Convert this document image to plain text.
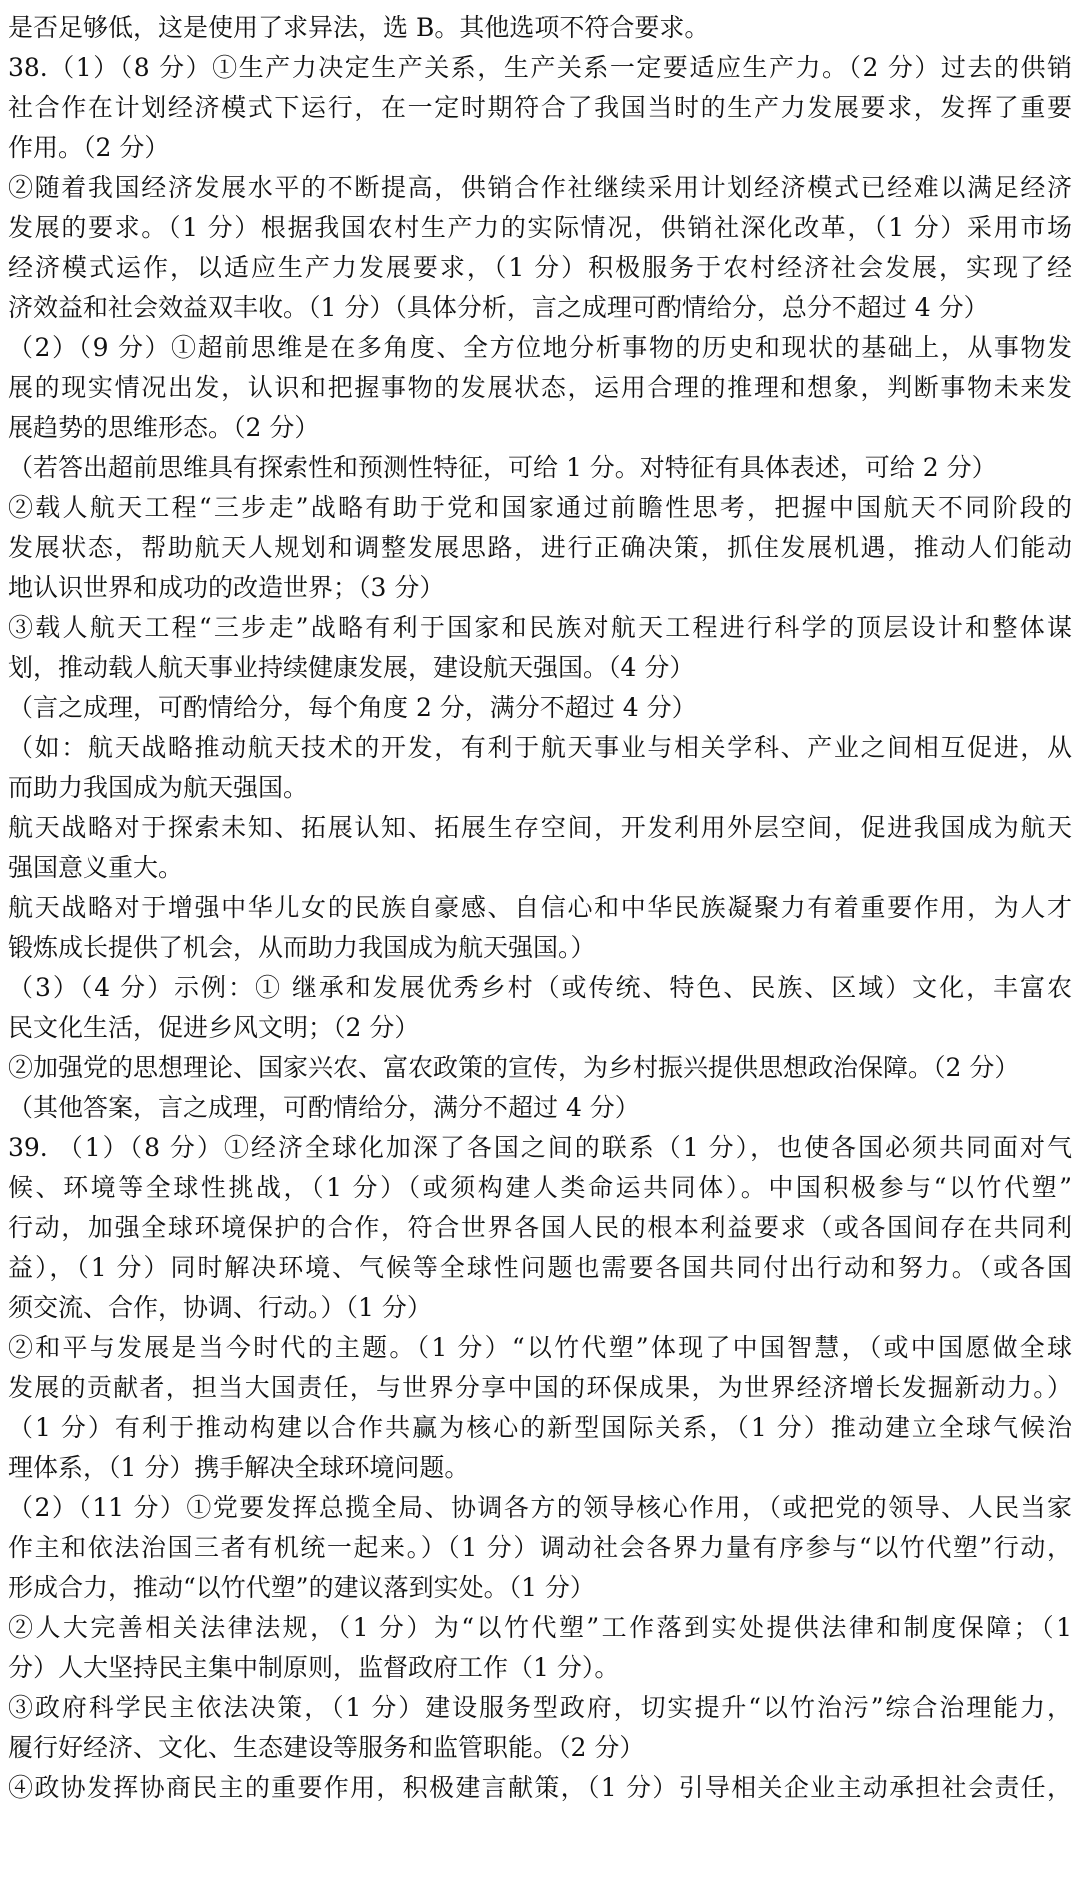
是否足够低，这是使用了求异法，选 B。其他选项不符合要求。
38.（1）（8 分）①生产力决定生产关系，生产关系一定要适应生产力。（2 分）过去的供销
社合作在计划经济模式下运行，在一定时期符合了我国当时的生产力发展要求，发挥了重要
作用。（2 分）
②随着我国经济发展水平的不断提高，供销合作社继续采用计划经济模式已经难以满足经济
发展的要求。（1 分）根据我国农村生产力的实际情况，供销社深化改革，（1 分）采用市场
经济模式运作，以适应生产力发展要求，（1 分）积极服务于农村经济社会发展，实现了经
济效益和社会效益双丰收。（1 分）（具体分析，言之成理可酌情给分，总分不超过 4 分）
（2）（9 分）①超前思维是在多角度、全方位地分析事物的历史和现状的基础上，从事物发
展的现实情况出发，认识和把握事物的发展状态，运用合理的推理和想象，判断事物未来发
展趋势的思维形态。（2 分）
（若答出超前思维具有探索性和预测性特征，可给 1 分。对特征有具体表述，可给 2 分）
②载人航天工程“三步走”战略有助于党和国家通过前瞻性思考，把握中国航天不同阶段的
发展状态，帮助航天人规划和调整发展思路，进行正确决策，抓住发展机遇，推动人们能动
地认识世界和成功的改造世界；（3 分）
③载人航天工程“三步走”战略有利于国家和民族对航天工程进行科学的顶层设计和整体谋
划，推动载人航天事业持续健康发展，建设航天强国。（4 分）
（言之成理，可酌情给分，每个角度 2 分，满分不超过 4 分）
（如：航天战略推动航天技术的开发，有利于航天事业与相关学科、产业之间相互促进，从
而助力我国成为航天强国。
航天战略对于探索未知、拓展认知、拓展生存空间，开发利用外层空间，促进我国成为航天
强国意义重大。
航天战略对于增强中华儿女的民族自豪感、自信心和中华民族凝聚力有着重要作用，为人才
锻炼成长提供了机会，从而助力我国成为航天强国。）
（3）（4 分）示例：① 继承和发展优秀乡村（或传统、特色、民族、区域）文化，丰富农
民文化生活，促进乡风文明；（2 分）
②加强党的思想理论、国家兴农、富农政策的宣传，为乡村振兴提供思想政治保障。（2 分）
（其他答案，言之成理，可酌情给分，满分不超过 4 分）
39. （1）（8 分）①经济全球化加深了各国之间的联系（1 分），也使各国必须共同面对气
候、环境等全球性挑战，（1 分）（或须构建人类命运共同体）。中国积极参与“以竹代塑”
行动，加强全球环境保护的合作，符合世界各国人民的根本利益要求（或各国间存在共同利
益），（1 分）同时解决环境、气候等全球性问题也需要各国共同付出行动和努力。（或各国
须交流、合作，协调、行动。）（1 分）
②和平与发展是当今时代的主题。（1 分）“以竹代塑”体现了中国智慧，（或中国愿做全球
发展的贡献者，担当大国责任，与世界分享中国的环保成果，为世界经济增长发掘新动力。）
（1 分）有利于推动构建以合作共赢为核心的新型国际关系，（1 分）推动建立全球气候治
理体系，（1 分）携手解决全球环境问题。
（2）（11 分）①党要发挥总揽全局、协调各方的领导核心作用，（或把党的领导、人民当家
作主和依法治国三者有机统一起来。）（1 分）调动社会各界力量有序参与“以竹代塑”行动，
形成合力，推动“以竹代塑”的建议落到实处。（1 分）
②人大完善相关法律法规，（1 分）为“以竹代塑”工作落到实处提供法律和制度保障；（1
分）人大坚持民主集中制原则，监督政府工作（1 分）。
③政府科学民主依法决策，（1 分）建设服务型政府，切实提升“以竹治污”综合治理能力，
履行好经济、文化、生态建设等服务和监管职能。（2 分）
④政协发挥协商民主的重要作用，积极建言献策，（1 分）引导相关企业主动承担社会责任，
